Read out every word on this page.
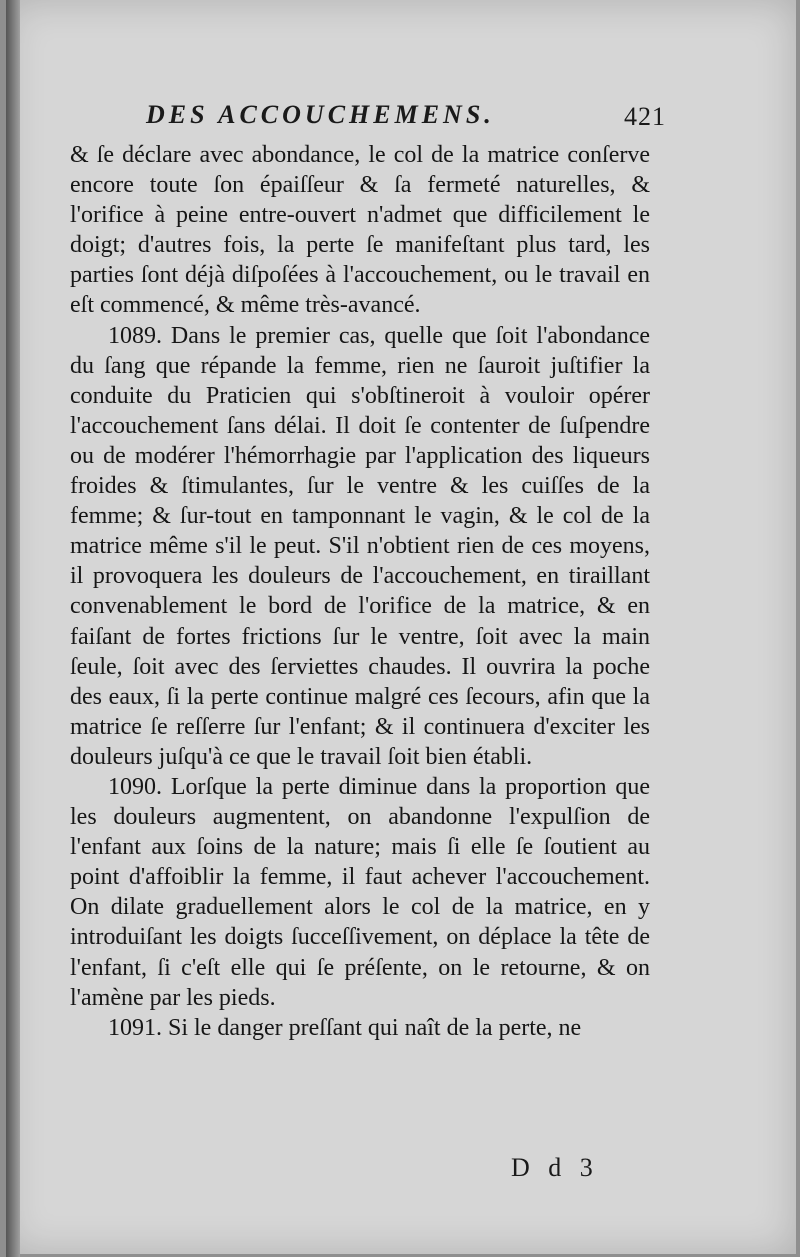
DES ACCOUCHEMENS.	421

& ſe déclare avec abondance, le col de la matrice conſerve encore toute ſon épaiſſeur & ſa fermeté naturelles, & l'orifice à peine entre-ouvert n'admet que difficilement le doigt; d'autres fois, la perte ſe manifeſtant plus tard, les parties ſont déjà diſpoſées à l'accouchement, ou le travail en eſt commencé, & même très-avancé.

1089. Dans le premier cas, quelle que ſoit l'abondance du ſang que répande la femme, rien ne ſauroit juſtifier la conduite du Praticien qui s'obſtineroit à vouloir opérer l'accouchement ſans délai. Il doit ſe contenter de ſuſpendre ou de modérer l'hémorrhagie par l'application des liqueurs froides & ſtimulantes, ſur le ventre & les cuiſſes de la femme; & ſur-tout en tamponnant le vagin, & le col de la matrice même s'il le peut. S'il n'obtient rien de ces moyens, il provoquera les douleurs de l'accouchement, en tiraillant convenablement le bord de l'orifice de la matrice, & en faiſant de fortes frictions ſur le ventre, ſoit avec la main ſeule, ſoit avec des ſerviettes chaudes. Il ouvrira la poche des eaux, ſi la perte continue malgré ces ſecours, afin que la matrice ſe reſſerre ſur l'enfant; & il continuera d'exciter les douleurs juſqu'à ce que le travail ſoit bien établi.

1090. Lorſque la perte diminue dans la proportion que les douleurs augmentent, on abandonne l'expulſion de l'enfant aux ſoins de la nature; mais ſi elle ſe ſoutient au point d'affoiblir la femme, il faut achever l'accouchement. On dilate graduellement alors le col de la matrice, en y introduiſant les doigts ſucceſſivement, on déplace la tête de l'enfant, ſi c'eſt elle qui ſe préſente, on le retourne, & on l'amène par les pieds.

1091. Si le danger preſſant qui naît de la perte, ne

D d 3
